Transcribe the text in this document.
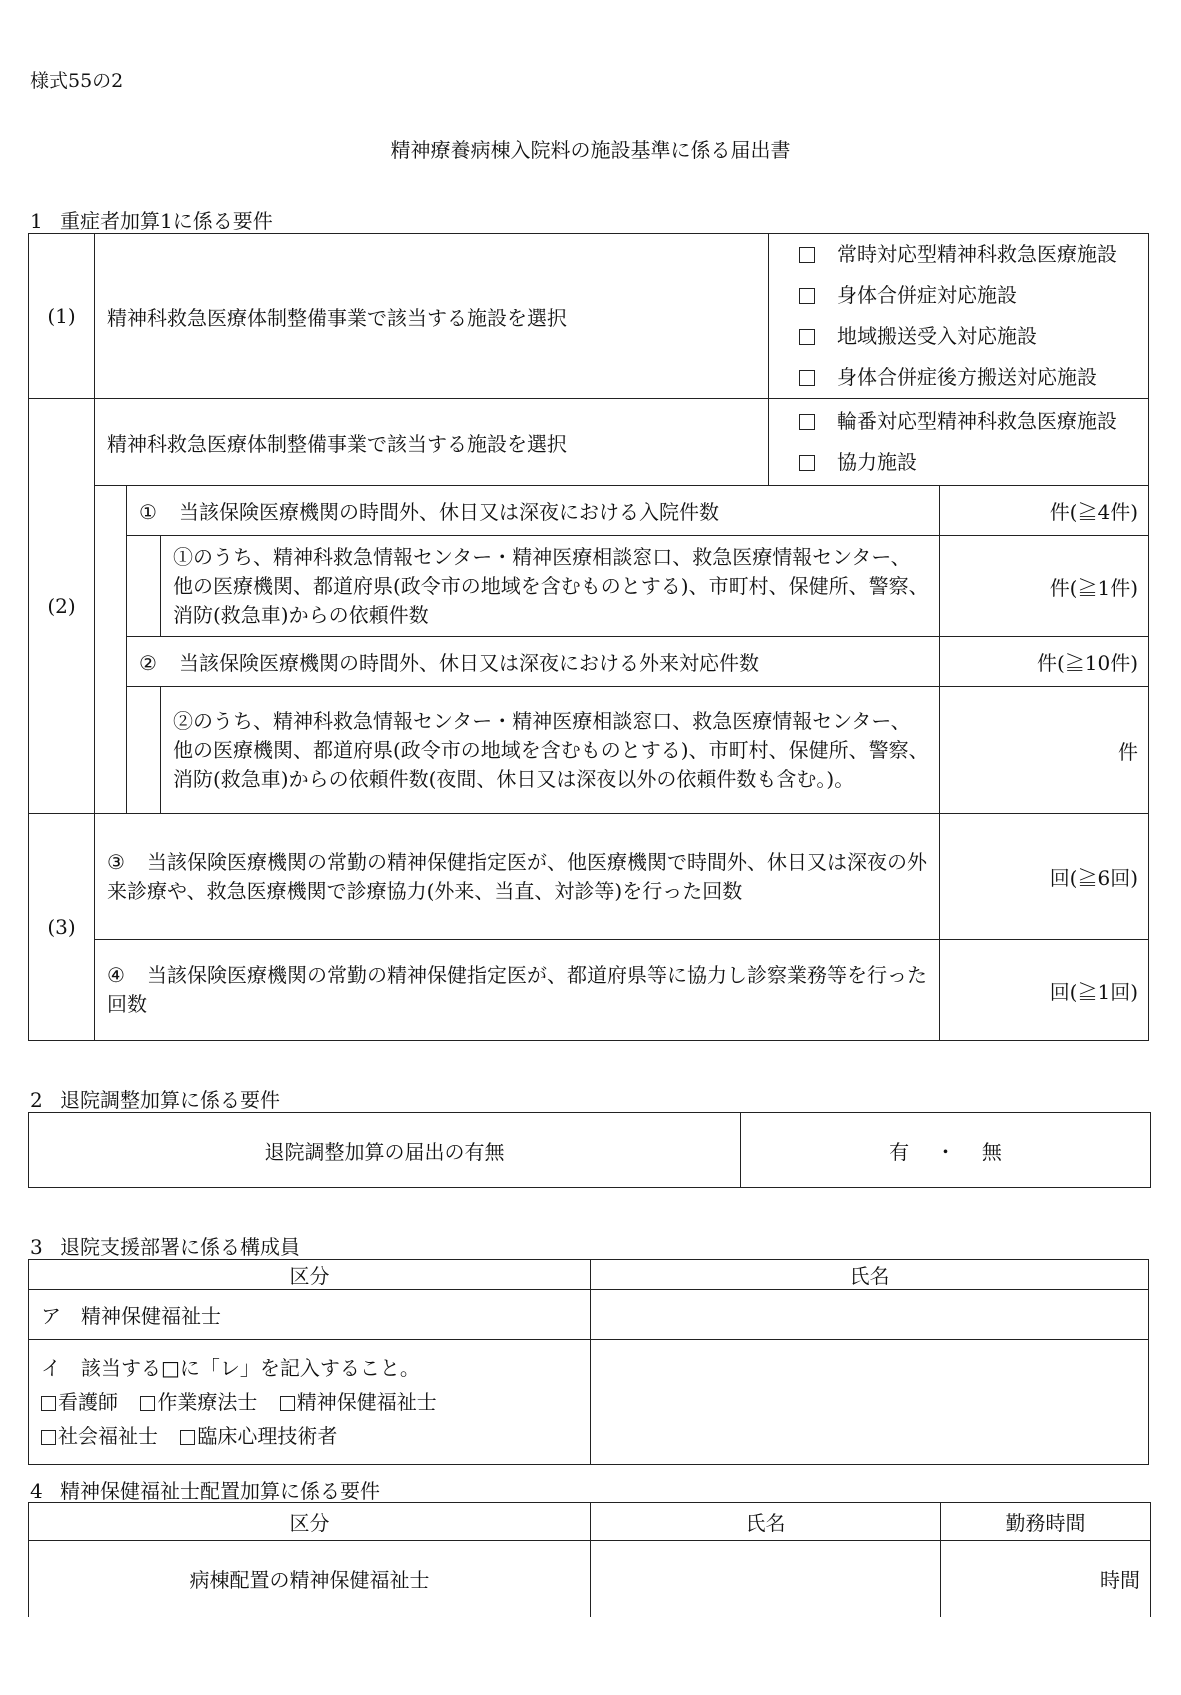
様式55の2
精神療養病棟入院料の施設基準に係る届出書
1 重症者加算1に係る要件
(1)	精神科救急医療体制整備事業で該当する施設を選択			常時対応型精神科救急医療施設
身体合併症対応施設
地域搬送受入対応施設
身体合併症後方搬送対応施設	

(2)	精神科救急医療体制整備事業で該当する施設を選択			輪番対応型精神科救急医療施設
協力施設	

		① 当該保険医療機関の時間外、休日又は深夜における入院件数			件(≧4件)
			①のうち、精神科救急情報センター・精神医療相談窓口、救急医療情報センター、他の医療機関、都道府県(政令市の地域を含むものとする)、市町村、保健所、警察、消防(救急車)からの依頼件数		件(≧1件)
		② 当該保険医療機関の時間外、休日又は深夜における外来対応件数			件(≧10件)
			②のうち、精神科救急情報センター・精神医療相談窓口、救急医療情報センター、他の医療機関、都道府県(政令市の地域を含むものとする)、市町村、保健所、警察、消防(救急車)からの依頼件数(夜間、休日又は深夜以外の依頼件数も含む。)。		件
(3)	③ 当該保険医療機関の常勤の精神保健指定医が、他医療機関で時間外、休日又は深夜の外来診療や、救急医療機関で診療協力(外来、当直、対診等)を行った回数				回(≧6回)
	④ 当該保険医療機関の常勤の精神保健指定医が、都道府県等に協力し診察業務等を行った回数				回(≧1回)
2 退院調整加算に係る要件
退院調整加算の届出の有無	有 ・ 無
3 退院支援部署に係る構成員
区分	氏名
ア　精神保健福祉士	

イ　該当する□に「レ」を記入すること。
看護師 作業療法士 精神保健福祉士
社会福祉士 臨床心理技術者	

4 精神保健福祉士配置加算に係る要件
区分	氏名	勤務時間
病棟配置の精神保健福祉士		時間
